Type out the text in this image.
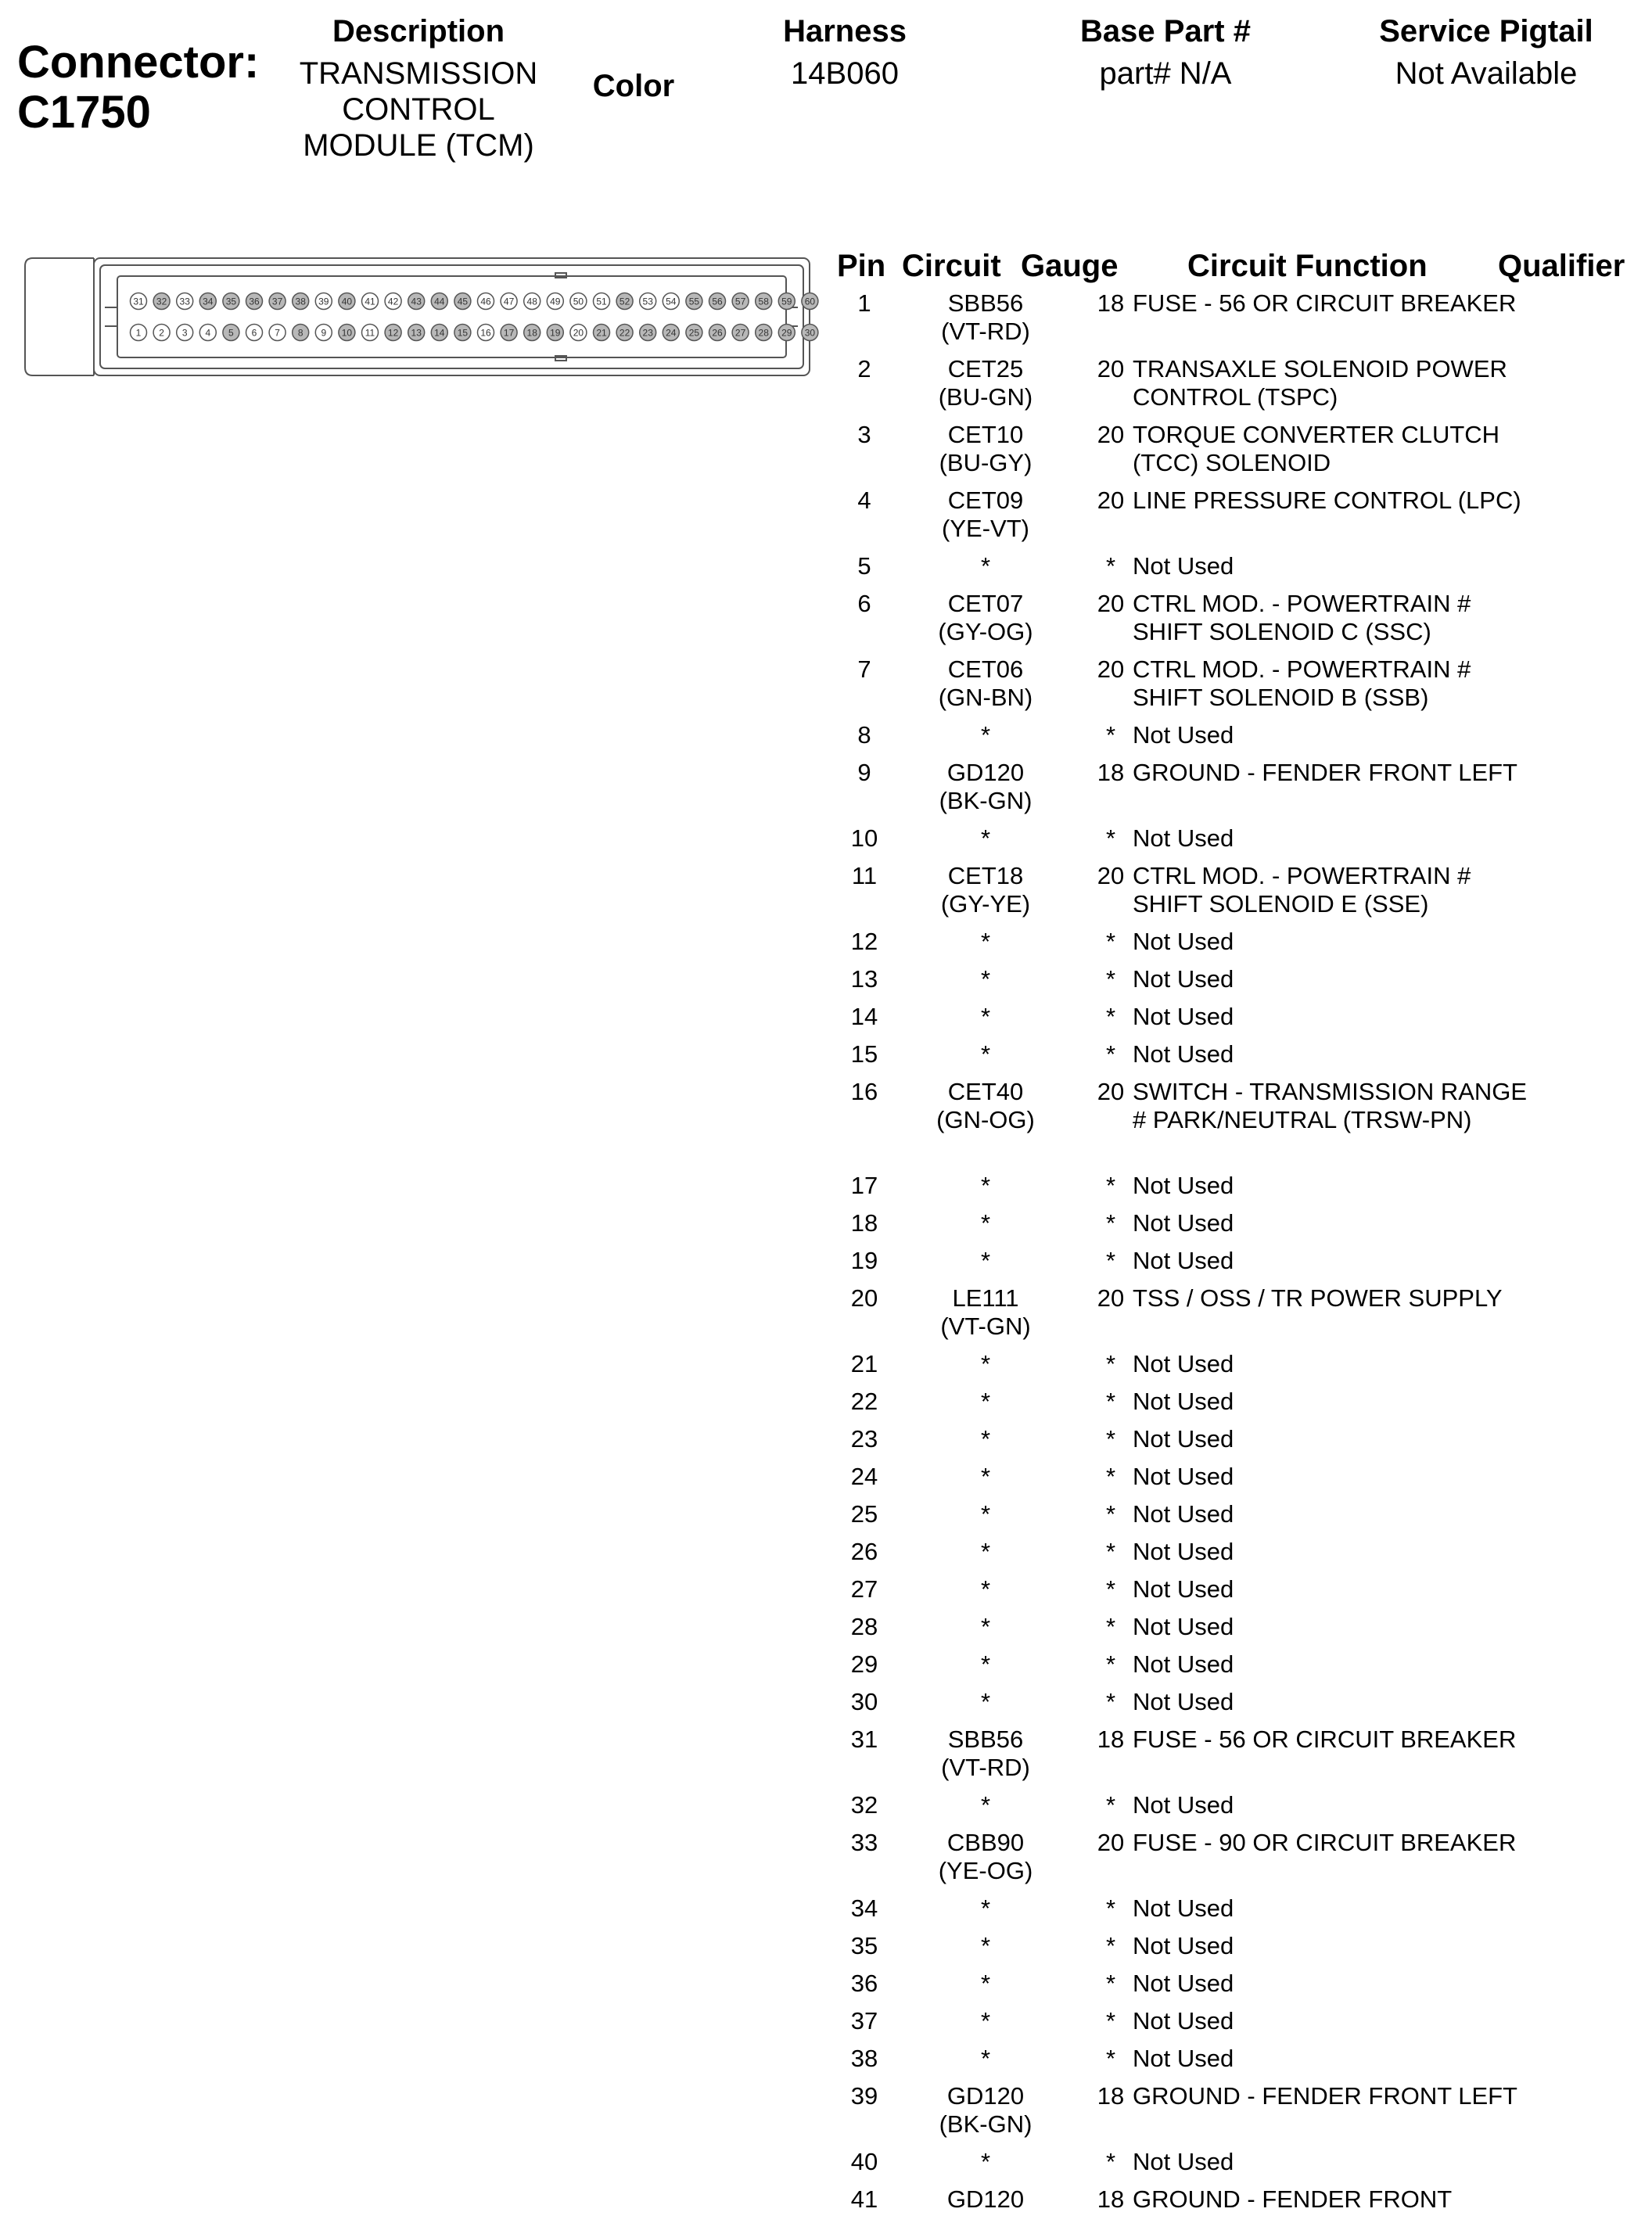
Connector:
C1750
Description
TRANSMISSION CONTROL MODULE (TCM)
Color
Harness
14B060
Base Part #
part# N/A
Service Pigtail
Not Available
31 32 33 34 35 36 37 38 39 40 41 42 43 44 45 46 47 48 49 50 51 52 53 54 55 56 57 58 59 60
1 2 3 4 5 6 7 8 9 10 11 12 13 14 15 16 17 18 19 20 21 22 23 24 25 26 27 28 29 30
Pin Circuit Gauge Circuit Function Qualifier
1	SBB56
(VT-RD)
18 FUSE - 56 OR CIRCUIT BREAKER
2	CET25
(BU-GN)
20 TRANSAXLE SOLENOID POWER CONTROL (TSPC)
3	CET10
(BU-GY)
20 TORQUE CONVERTER CLUTCH (TCC) SOLENOID
4	CET09
(YE-VT)
20 LINE PRESSURE CONTROL (LPC)
5	*	* Not Used
6	CET07
(GY-OG)
20 CTRL MOD. - POWERTRAIN # SHIFT SOLENOID C (SSC)
7	CET06
(GN-BN)
20 CTRL MOD. - POWERTRAIN # SHIFT SOLENOID B (SSB)
8	*	* Not Used
9	GD120
(BK-GN)
18 GROUND - FENDER FRONT LEFT
10	*	* Not Used
11	CET18
(GY-YE)
20 CTRL MOD. - POWERTRAIN # SHIFT SOLENOID E (SSE)
12	*	* Not Used
13	*	* Not Used
14	*	* Not Used
15	*	* Not Used
16	CET40
(GN-OG)
20 SWITCH - TRANSMISSION RANGE # PARK/NEUTRAL (TRSW-PN)
17	*	* Not Used
18	*	* Not Used
19	*	* Not Used
20	LE111
(VT-GN)
20 TSS / OSS / TR POWER SUPPLY
21	*	* Not Used
22	*	* Not Used
23	*	* Not Used
24	*	* Not Used
25	*	* Not Used
26	*	* Not Used
27	*	* Not Used
28	*	* Not Used
29	*	* Not Used
30	*	* Not Used
31	SBB56
(VT-RD)
18 FUSE - 56 OR CIRCUIT BREAKER
32	*	* Not Used
33	CBB90
(YE-OG)
20 FUSE - 90 OR CIRCUIT BREAKER
34	*	* Not Used
35	*	* Not Used
36	*	* Not Used
37	*	* Not Used
38	*	* Not Used
39	GD120
(BK-GN)
18 GROUND - FENDER FRONT LEFT
40	*	* Not Used
41	GD120	18 GROUND - FENDER FRONT
